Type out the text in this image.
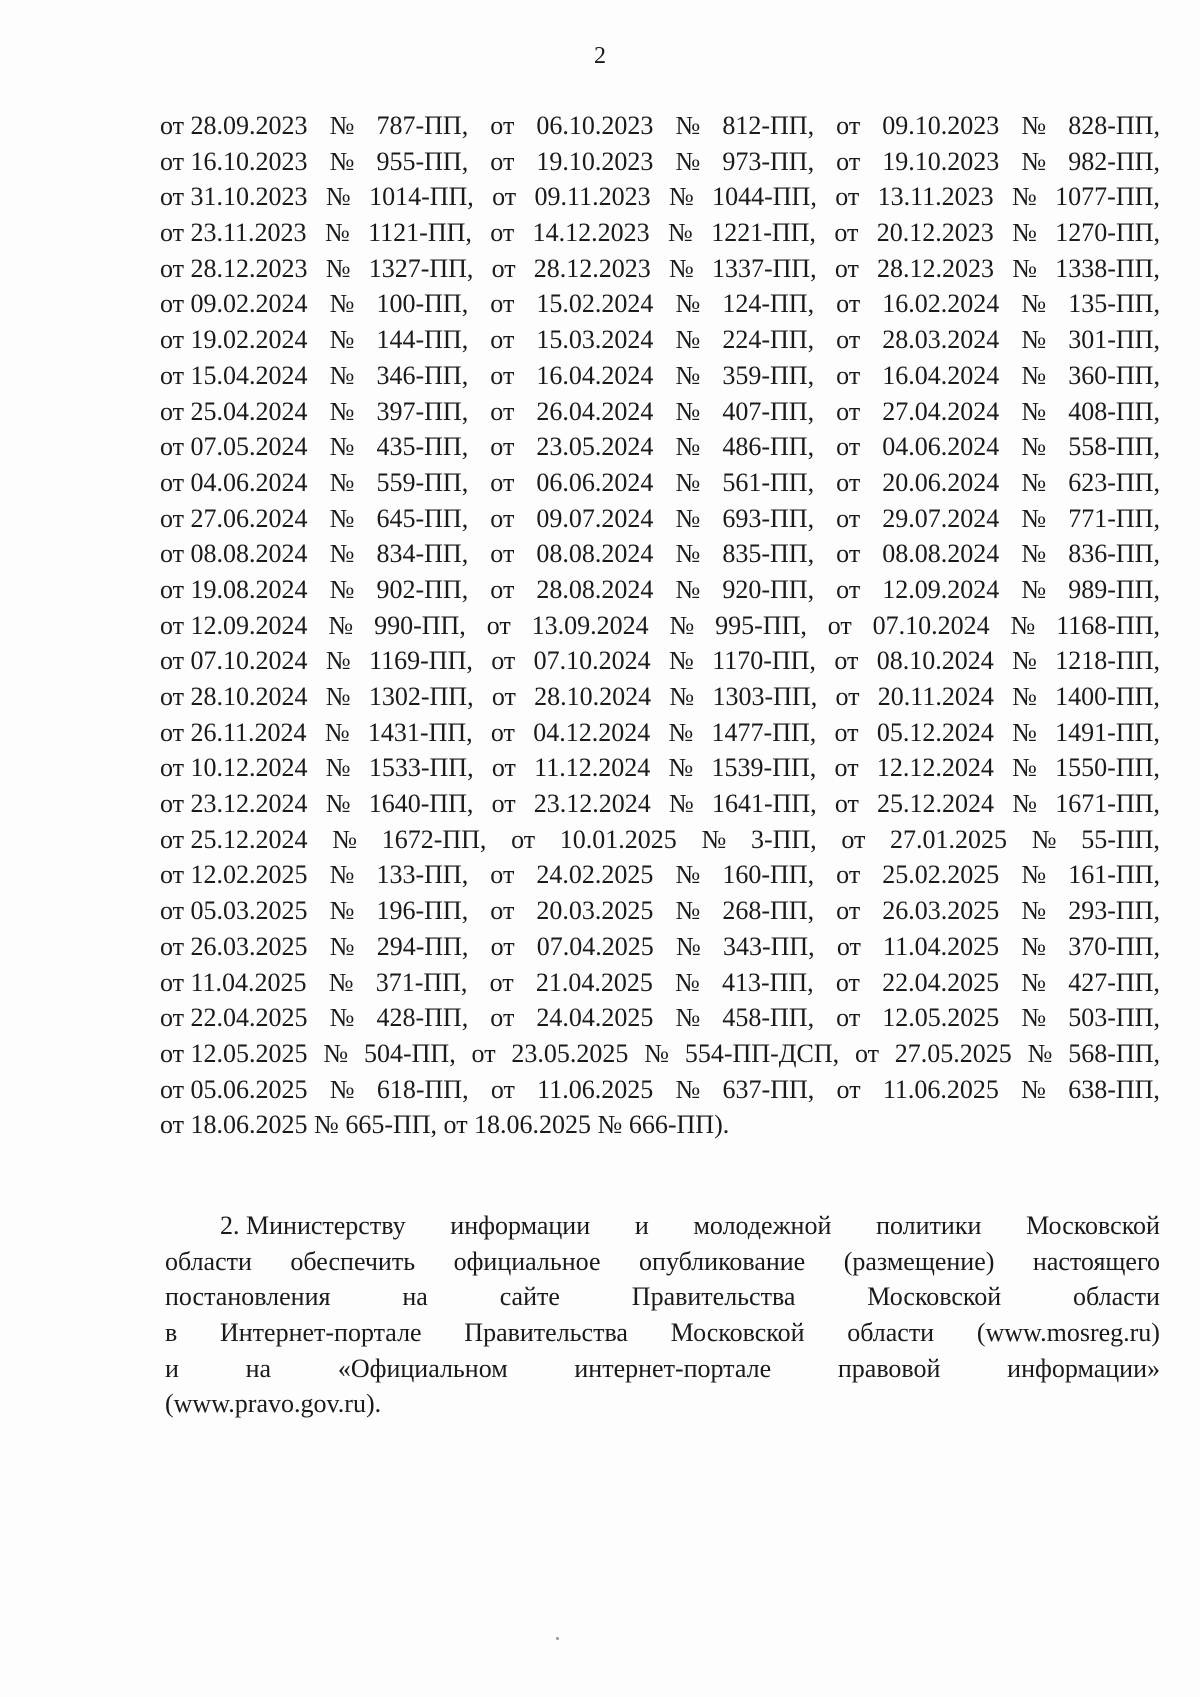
2
от 28.09.2023 № 787-ПП, от 06.10.2023 № 812-ПП, от 09.10.2023 № 828-ПП,
от 16.10.2023 № 955-ПП, от 19.10.2023 № 973-ПП, от 19.10.2023 № 982-ПП,
от 31.10.2023 № 1014-ПП, от 09.11.2023 № 1044-ПП, от 13.11.2023 № 1077-ПП,
от 23.11.2023 № 1121-ПП, от 14.12.2023 № 1221-ПП, от 20.12.2023 № 1270-ПП,
от 28.12.2023 № 1327-ПП, от 28.12.2023 № 1337-ПП, от 28.12.2023 № 1338-ПП,
от 09.02.2024 № 100-ПП, от 15.02.2024 № 124-ПП, от 16.02.2024 № 135-ПП,
от 19.02.2024 № 144-ПП, от 15.03.2024 № 224-ПП, от 28.03.2024 № 301-ПП,
от 15.04.2024 № 346-ПП, от 16.04.2024 № 359-ПП, от 16.04.2024 № 360-ПП,
от 25.04.2024 № 397-ПП, от 26.04.2024 № 407-ПП, от 27.04.2024 № 408-ПП,
от 07.05.2024 № 435-ПП, от 23.05.2024 № 486-ПП, от 04.06.2024 № 558-ПП,
от 04.06.2024 № 559-ПП, от 06.06.2024 № 561-ПП, от 20.06.2024 № 623-ПП,
от 27.06.2024 № 645-ПП, от 09.07.2024 № 693-ПП, от 29.07.2024 № 771-ПП,
от 08.08.2024 № 834-ПП, от 08.08.2024 № 835-ПП, от 08.08.2024 № 836-ПП,
от 19.08.2024 № 902-ПП, от 28.08.2024 № 920-ПП, от 12.09.2024 № 989-ПП,
от 12.09.2024 № 990-ПП, от 13.09.2024 № 995-ПП, от 07.10.2024 № 1168-ПП,
от 07.10.2024 № 1169-ПП, от 07.10.2024 № 1170-ПП, от 08.10.2024 № 1218-ПП,
от 28.10.2024 № 1302-ПП, от 28.10.2024 № 1303-ПП, от 20.11.2024 № 1400-ПП,
от 26.11.2024 № 1431-ПП, от 04.12.2024 № 1477-ПП, от 05.12.2024 № 1491-ПП,
от 10.12.2024 № 1533-ПП, от 11.12.2024 № 1539-ПП, от 12.12.2024 № 1550-ПП,
от 23.12.2024 № 1640-ПП, от 23.12.2024 № 1641-ПП, от 25.12.2024 № 1671-ПП,
от 25.12.2024 № 1672-ПП, от 10.01.2025 № 3-ПП, от 27.01.2025 № 55-ПП,
от 12.02.2025 № 133-ПП, от 24.02.2025 № 160-ПП, от 25.02.2025 № 161-ПП,
от 05.03.2025 № 196-ПП, от 20.03.2025 № 268-ПП, от 26.03.2025 № 293-ПП,
от 26.03.2025 № 294-ПП, от 07.04.2025 № 343-ПП, от 11.04.2025 № 370-ПП,
от 11.04.2025 № 371-ПП, от 21.04.2025 № 413-ПП, от 22.04.2025 № 427-ПП,
от 22.04.2025 № 428-ПП, от 24.04.2025 № 458-ПП, от 12.05.2025 № 503-ПП,
от 12.05.2025 № 504-ПП, от 23.05.2025 № 554-ПП-ДСП, от 27.05.2025 № 568-ПП,
от 05.06.2025 № 618-ПП, от 11.06.2025 № 637-ПП, от 11.06.2025 № 638-ПП,
от 18.06.2025 № 665-ПП, от 18.06.2025 № 666-ПП).
2. Министерству информации и молодежной политики Московской
области обеспечить официальное опубликование (размещение) настоящего
постановления	на	сайте	Правительства	Московской	области
в Интернет-портале Правительства Московской области (www.mosreg.ru)
и	на	«Официальном	интернет-портале	правовой	информации»
(www.pravo.gov.ru).
